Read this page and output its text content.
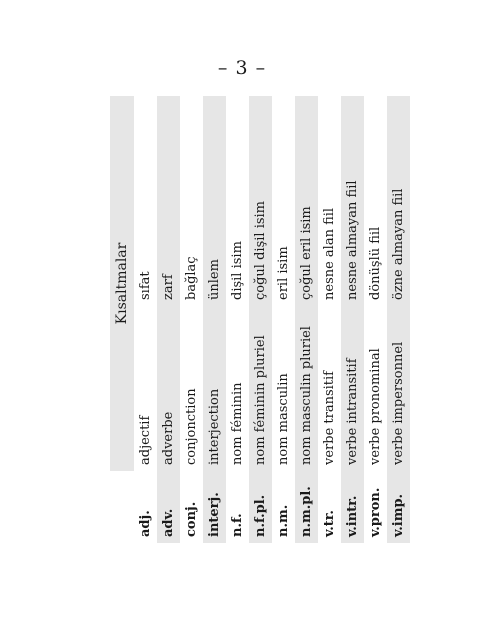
– 3 –
	Kısaltmalar	
adj.	adjectif	sıfat
adv.	adverbe	zarf
conj.	conjonction	bağlaç
interj.	interjection	ünlem
n.f.	nom féminin	dişil isim
n.f.pl.	nom féminin pluriel	çoğul dişil isim
n.m.	nom masculin	eril isim
n.m.pl.	nom masculin pluriel	çoğul eril isim
v.tr.	verbe transitif	nesne alan fiil
v.intr.	verbe intransitif	nesne almayan fiil
v.pron.	verbe pronominal	dönüşlü fiil
v.imp.	verbe impersonnel	özne almayan fiil
